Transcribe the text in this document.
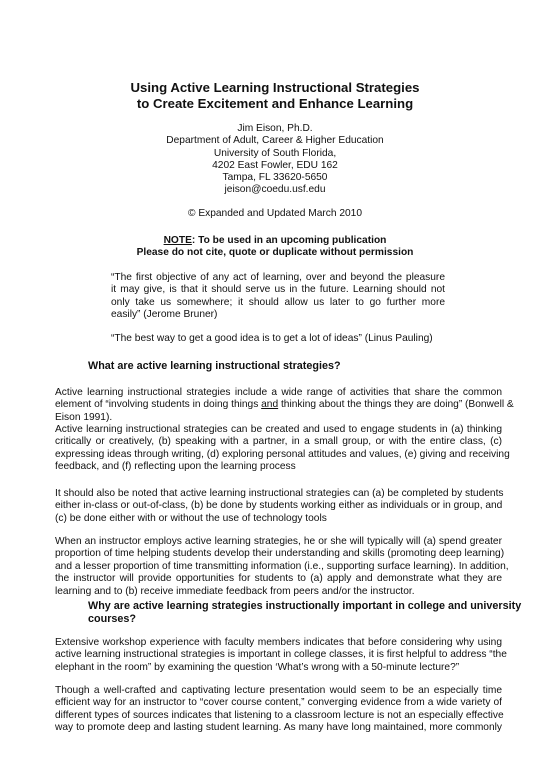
Using Active Learning Instructional Strategies
to Create Excitement and Enhance Learning
Jim Eison, Ph.D.
Department of Adult, Career & Higher Education
University of South Florida,
4202 East Fowler, EDU 162
Tampa, FL 33620-5650
jeison@coedu.usf.edu
© Expanded and Updated March 2010
NOTE: To be used in an upcoming publication
Please do not cite, quote or duplicate without permission
“The first objective of any act of learning, over and beyond the pleasure
it may give, is that it should serve us in the future. Learning should not
only take us somewhere; it should allow us later to go further more
easily” (Jerome Bruner)
“The best way to get a good idea is to get a lot of ideas” (Linus Pauling)
What are active learning instructional strategies?
Active learning instructional strategies include a wide range of activities that share the common
element of “involving students in doing things and thinking about the things they are doing” (Bonwell &
Eison 1991).
Active learning instructional strategies can be created and used to engage students in (a) thinking
critically or creatively, (b) speaking with a partner, in a small group, or with the entire class, (c)
expressing ideas through writing, (d) exploring personal attitudes and values, (e) giving and receiving
feedback, and (f) reflecting upon the learning process
It should also be noted that active learning instructional strategies can (a) be completed by students
either in-class or out-of-class, (b) be done by students working either as individuals or in group, and
(c) be done either with or without the use of technology tools
When an instructor employs active learning strategies, he or she will typically will (a) spend greater
proportion of time helping students develop their understanding and skills (promoting deep learning)
and a lesser proportion of time transmitting information (i.e., supporting surface learning). In addition,
the instructor will provide opportunities for students to (a) apply and demonstrate what they are
learning and to (b) receive immediate feedback from peers and/or the instructor.
Why are active learning strategies instructionally important in college and university
courses?
Extensive workshop experience with faculty members indicates that before considering why using
active learning instructional strategies is important in college classes, it is first helpful to address “the
elephant in the room” by examining the question ‘What’s wrong with a 50-minute lecture?”
Though a well-crafted and captivating lecture presentation would seem to be an especially time
efficient way for an instructor to “cover course content,” converging evidence from a wide variety of
different types of sources indicates that listening to a classroom lecture is not an especially effective
way to promote deep and lasting student learning. As many have long maintained, more commonly
